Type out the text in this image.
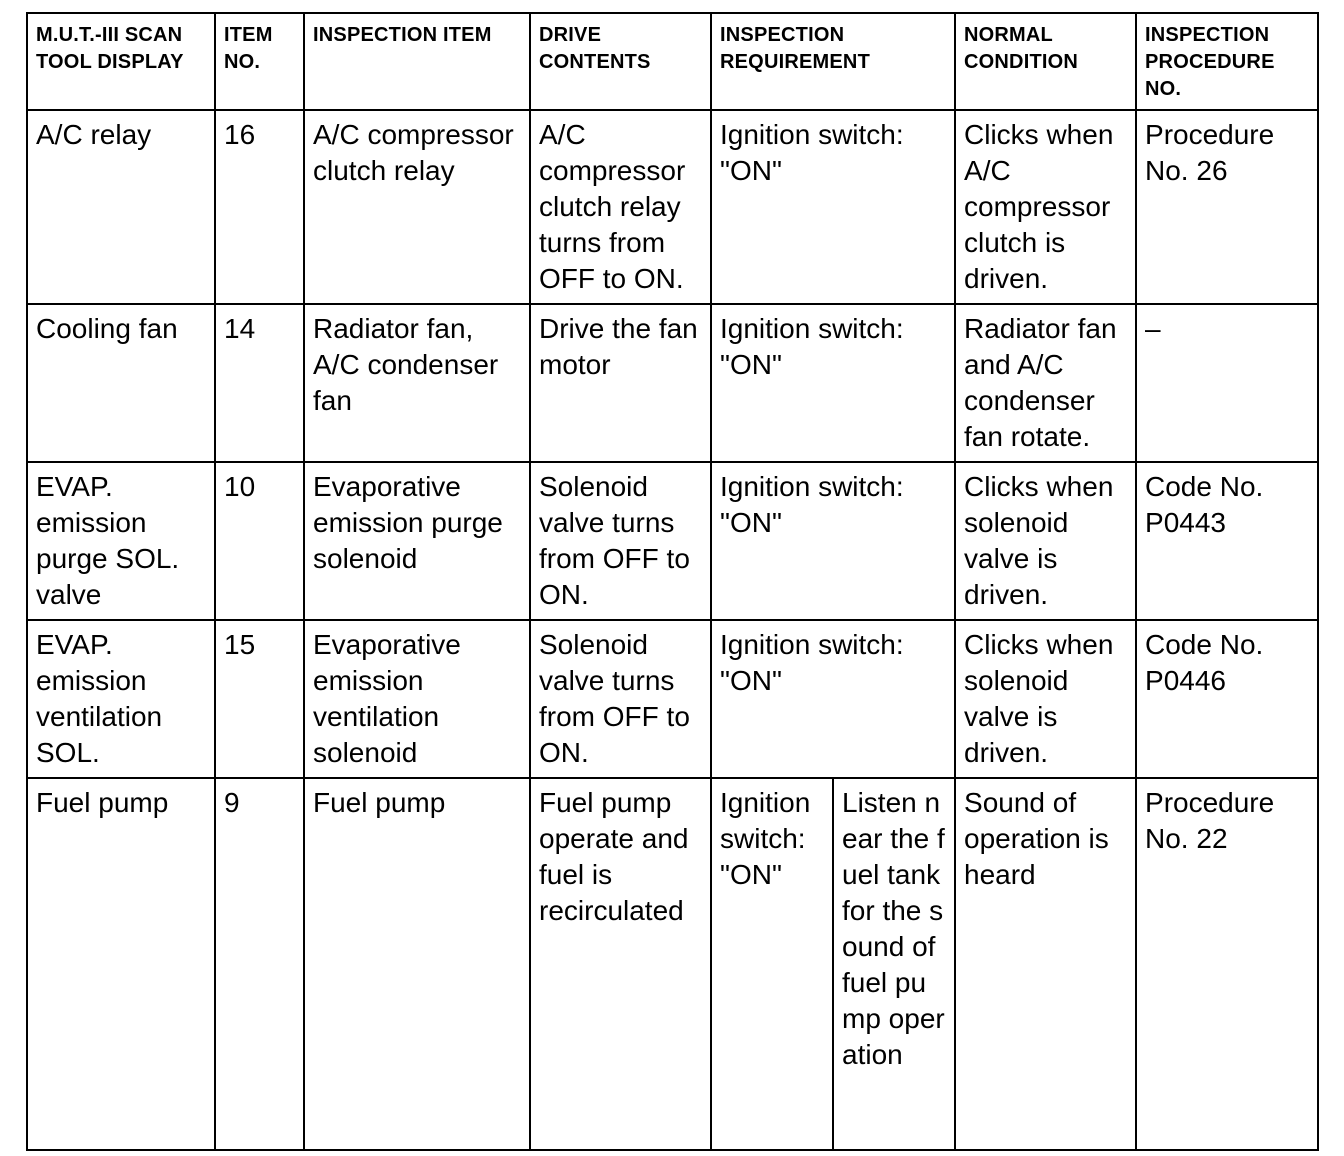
M.U.T.-III SCAN TOOL DISPLAY	ITEM NO.	INSPECTION ITEM	DRIVE CONTENTS	INSPECTION REQUIREMENT		NORMAL CONDITION	INSPECTION PROCEDURE NO.
A/C relay	16	A/C compressor clutch relay	A/C compressor clutch relay turns from OFF to ON.	Ignition switch: "ON"		Clicks when A/C compressor clutch is driven.	Procedure No. 26
Cooling fan	14	Radiator fan, A/C condenser fan	Drive the fan motor	Ignition switch: "ON"		Radiator fan and A/C condenser fan rotate.	–
EVAP. emission purge SOL. valve	10	Evaporative emission purge solenoid	Solenoid valve turns from OFF to ON.	Ignition switch: "ON"		Clicks when solenoid valve is driven.	Code No. P0443
EVAP. emission ventilation SOL.	15	Evaporative emission ventilation solenoid	Solenoid valve turns from OFF to ON.	Ignition switch: "ON"		Clicks when solenoid valve is driven.	Code No. P0446
Fuel pump	9	Fuel pump	Fuel pump operate and fuel is recirculated	Ignition switch: "ON"	Listen near the fuel tank for the sound of fuel pump operation	Sound of operation is heard	Procedure No. 22
